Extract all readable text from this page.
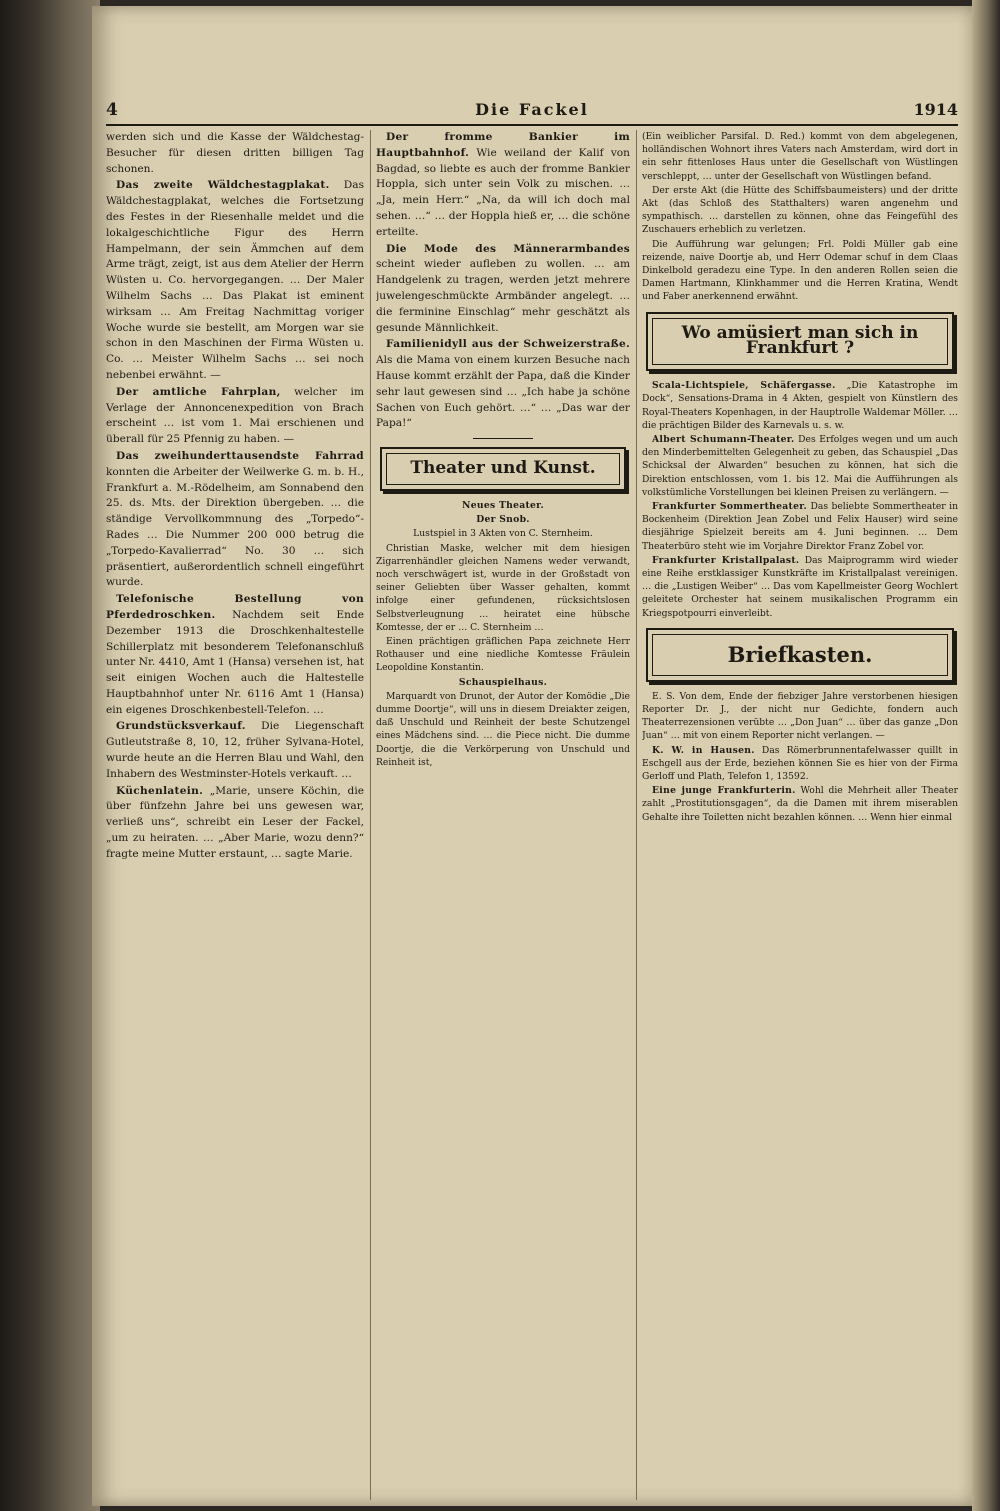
4	Die Fackel	1914

werden sich und die Kasse der Wäldchestag-Besucher für diesen dritten billigen Tag schonen.

Das zweite Wäldchestagplakat. Das Wäldchestagplakat, welches die Fortsetzung des Festes in der Riesenhalle meldet und die lokalgeschichtliche Figur des Herrn Hampelmann, der sein Ämmchen auf dem Arme trägt, zeigt, ist aus dem Atelier der Herrn Wüsten u. Co. hervorgegangen. … Der Maler Wilhelm Sachs … Das Plakat ist eminent wirksam … Am Freitag Nachmittag voriger Woche wurde sie bestellt, am Morgen war sie schon in den Maschinen der Firma Wüsten u. Co. … Meister Wilhelm Sachs … sei noch nebenbei erwähnt. —

Der amtliche Fahrplan, welcher im Verlage der Annoncenexpedition von Brach erscheint … ist vom 1. Mai erschienen und überall für 25 Pfennig zu haben. —

Das zweihunderttausendste Fahrrad konnten die Arbeiter der Weilwerke G. m. b. H., Frankfurt a. M.-Rödelheim, am Sonnabend den 25. ds. Mts. der Direktion übergeben. … die ständige Vervollkommnung des „Torpedo“-Rades … Die Nummer 200 000 betrug die „Torpedo-Kavalierrad“ No. 30 … sich präsentiert, außerordentlich schnell eingeführt wurde.

Telefonische Bestellung von Pferdedroschken. Nachdem seit Ende Dezember 1913 die Droschkenhaltestelle Schillerplatz mit besonderem Telefonanschluß unter Nr. 4410, Amt 1 (Hansa) versehen ist, hat seit einigen Wochen auch die Haltestelle Hauptbahnhof unter Nr. 6116 Amt 1 (Hansa) ein eigenes Droschkenbestell-Telefon. …

Grundstücksverkauf. Die Liegenschaft Gutleutstraße 8, 10, 12, früher Sylvana-Hotel, wurde heute an die Herren Blau und Wahl, den Inhabern des Westminster-Hotels verkauft. …

Küchenlatein. „Marie, unsere Köchin, die über fünfzehn Jahre bei uns gewesen war, verließ uns“, schreibt ein Leser der Fackel, „um zu heiraten. … „Aber Marie, wozu denn?“ fragte meine Mutter erstaunt, … sagte Marie.

Der fromme Bankier im Hauptbahnhof. Wie weiland der Kalif von Bagdad, so liebte es auch der fromme Bankier Hoppla, sich unter sein Volk zu mischen. … „Ja, mein Herr.“ „Na, da will ich doch mal sehen. …“ … der Hoppla hieß er, … die schöne erteilte.

Die Mode des Männerarmbandes scheint wieder aufleben zu wollen. … am Handgelenk zu tragen, werden jetzt mehrere juwelengeschmückte Armbänder angelegt. … die ferminine Einschlag“ mehr geschätzt als gesunde Männlichkeit.

Familienidyll aus der Schweizerstraße. Als die Mama von einem kurzen Besuche nach Hause kommt erzählt der Papa, daß die Kinder sehr laut gewesen sind … „Ich habe ja schöne Sachen von Euch gehört. …“ … „Das war der Papa!“

Theater und Kunst.

Neues Theater.

Der Snob.

Lustspiel in 3 Akten von C. Sternheim.

Christian Maske, welcher mit dem hiesigen Zigarrenhändler gleichen Namens weder verwandt, noch verschwägert ist, wurde in der Großstadt von seiner Geliebten über Wasser gehalten, kommt infolge einer gefundenen, rücksichtslosen Selbstverleugnung … heiratet eine hübsche Komtesse, der er … C. Sternheim …

Einen prächtigen gräflichen Papa zeichnete Herr Rothauser und eine niedliche Komtesse Fräulein Leopoldine Konstantin.

Schauspielhaus.

Marquardt von Drunot, der Autor der Komödie „Die dumme Doortje“, will uns in diesem Dreiakter zeigen, daß Unschuld und Reinheit der beste Schutzengel eines Mädchens sind. … die Piece nicht. Die dumme Doortje, die die Verkörperung von Unschuld und Reinheit ist,

(Ein weiblicher Parsifal. D. Red.) kommt von dem abgelegenen, holländischen Wohnort ihres Vaters nach Amsterdam, wird dort in ein sehr fittenloses Haus unter die Gesellschaft von Wüstlingen verschleppt, … unter der Gesellschaft von Wüstlingen befand.

Der erste Akt (die Hütte des Schiffsbaumeisters) und der dritte Akt (das Schloß des Statthalters) waren angenehm und sympathisch. … darstellen zu können, ohne das Feingefühl des Zuschauers erheblich zu verletzen.

Die Aufführung war gelungen; Frl. Poldi Müller gab eine reizende, naive Doortje ab, und Herr Odemar schuf in dem Claas Dinkelbold geradezu eine Type. In den anderen Rollen seien die Damen Hartmann, Klinkhammer und die Herren Kratina, Wendt und Faber anerkennend erwähnt.

Wo amüsiert man sich in Frankfurt ?

Scala-Lichtspiele, Schäfergasse. „Die Katastrophe im Dock“, Sensations-Drama in 4 Akten, gespielt von Künstlern des Royal-Theaters Kopenhagen, in der Hauptrolle Waldemar Möller. … die prächtigen Bilder des Karnevals u. s. w.

Albert Schumann-Theater. Des Erfolges wegen und um auch den Minderbemittelten Gelegenheit zu geben, das Schauspiel „Das Schicksal der Alwarden“ besuchen zu können, hat sich die Direktion entschlossen, vom 1. bis 12. Mai die Aufführungen als volkstümliche Vorstellungen bei kleinen Preisen zu verlängern. —

Frankfurter Sommertheater. Das beliebte Sommertheater in Bockenheim (Direktion Jean Zobel und Felix Hauser) wird seine diesjährige Spielzeit bereits am 4. Juni beginnen. … Dem Theaterbüro steht wie im Vorjahre Direktor Franz Zobel vor.

Frankfurter Kristallpalast. Das Maiprogramm wird wieder eine Reihe erstklassiger Kunstkräfte im Kristallpalast vereinigen. … die „Lustigen Weiber“ … Das vom Kapellmeister Georg Wochlert geleitete Orchester hat seinem musikalischen Programm ein Kriegspotpourri einverleibt.

Briefkasten.

E. S. Von dem, Ende der fiebziger Jahre verstorbenen hiesigen Reporter Dr. J., der nicht nur Gedichte, fondern auch Theaterrezensionen verübte … „Don Juan“ … über das ganze „Don Juan“ … mit von einem Reporter nicht verlangen. —

K. W. in Hausen. Das Römerbrunnentafelwasser quillt in Eschgell aus der Erde, beziehen können Sie es hier von der Firma Gerloff und Plath, Telefon 1, 13592.

Eine junge Frankfurterin. Wohl die Mehrheit aller Theater zahlt „Prostitutionsgagen“, da die Damen mit ihrem miserablen Gehalte ihre Toiletten nicht bezahlen können. … Wenn hier einmal
